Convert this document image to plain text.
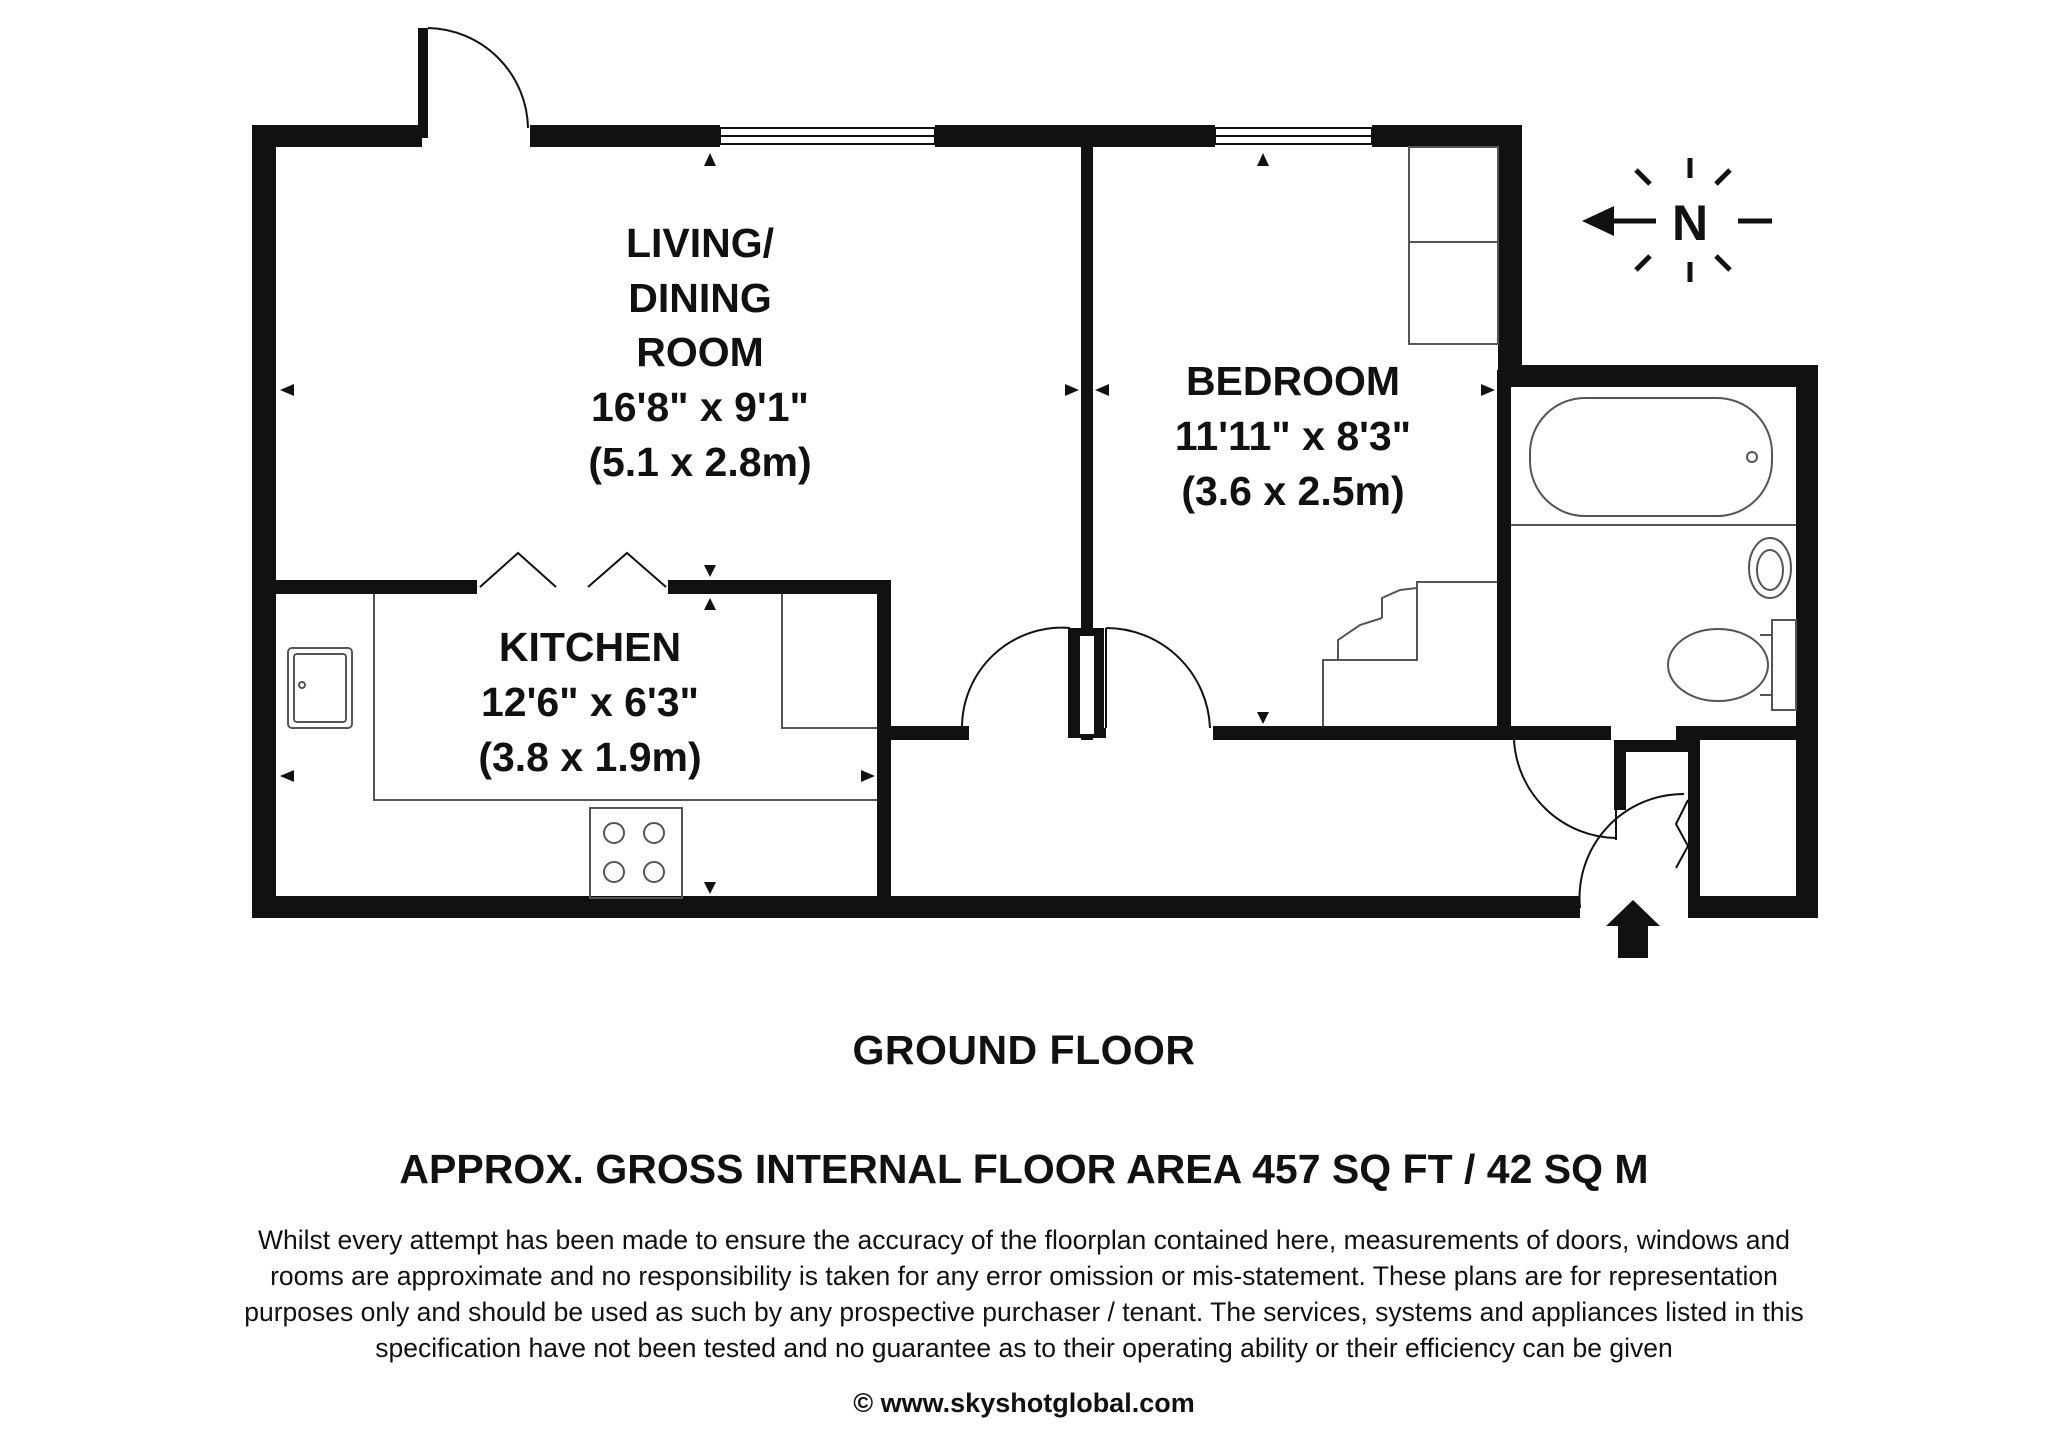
N
LIVING/
DINING
ROOM
16'8" x 9'1"
(5.1 x 2.8m)
BEDROOM
11'11" x 8'3"
(3.6 x 2.5m)
KITCHEN
12'6" x 6'3"
(3.8 x 1.9m)
GROUND FLOOR
APPROX. GROSS INTERNAL FLOOR AREA 457 SQ FT / 42 SQ M
Whilst every attempt has been made to ensure the accuracy of the floorplan contained here, measurements of doors, windows and
rooms are approximate and no responsibility is taken for any error omission or mis-statement. These plans are for representation
purposes only and should be used as such by any prospective purchaser / tenant. The services, systems and appliances listed in this
specification have not been tested and no guarantee as to their operating ability or their efficiency can be given
© www.skyshotglobal.com
